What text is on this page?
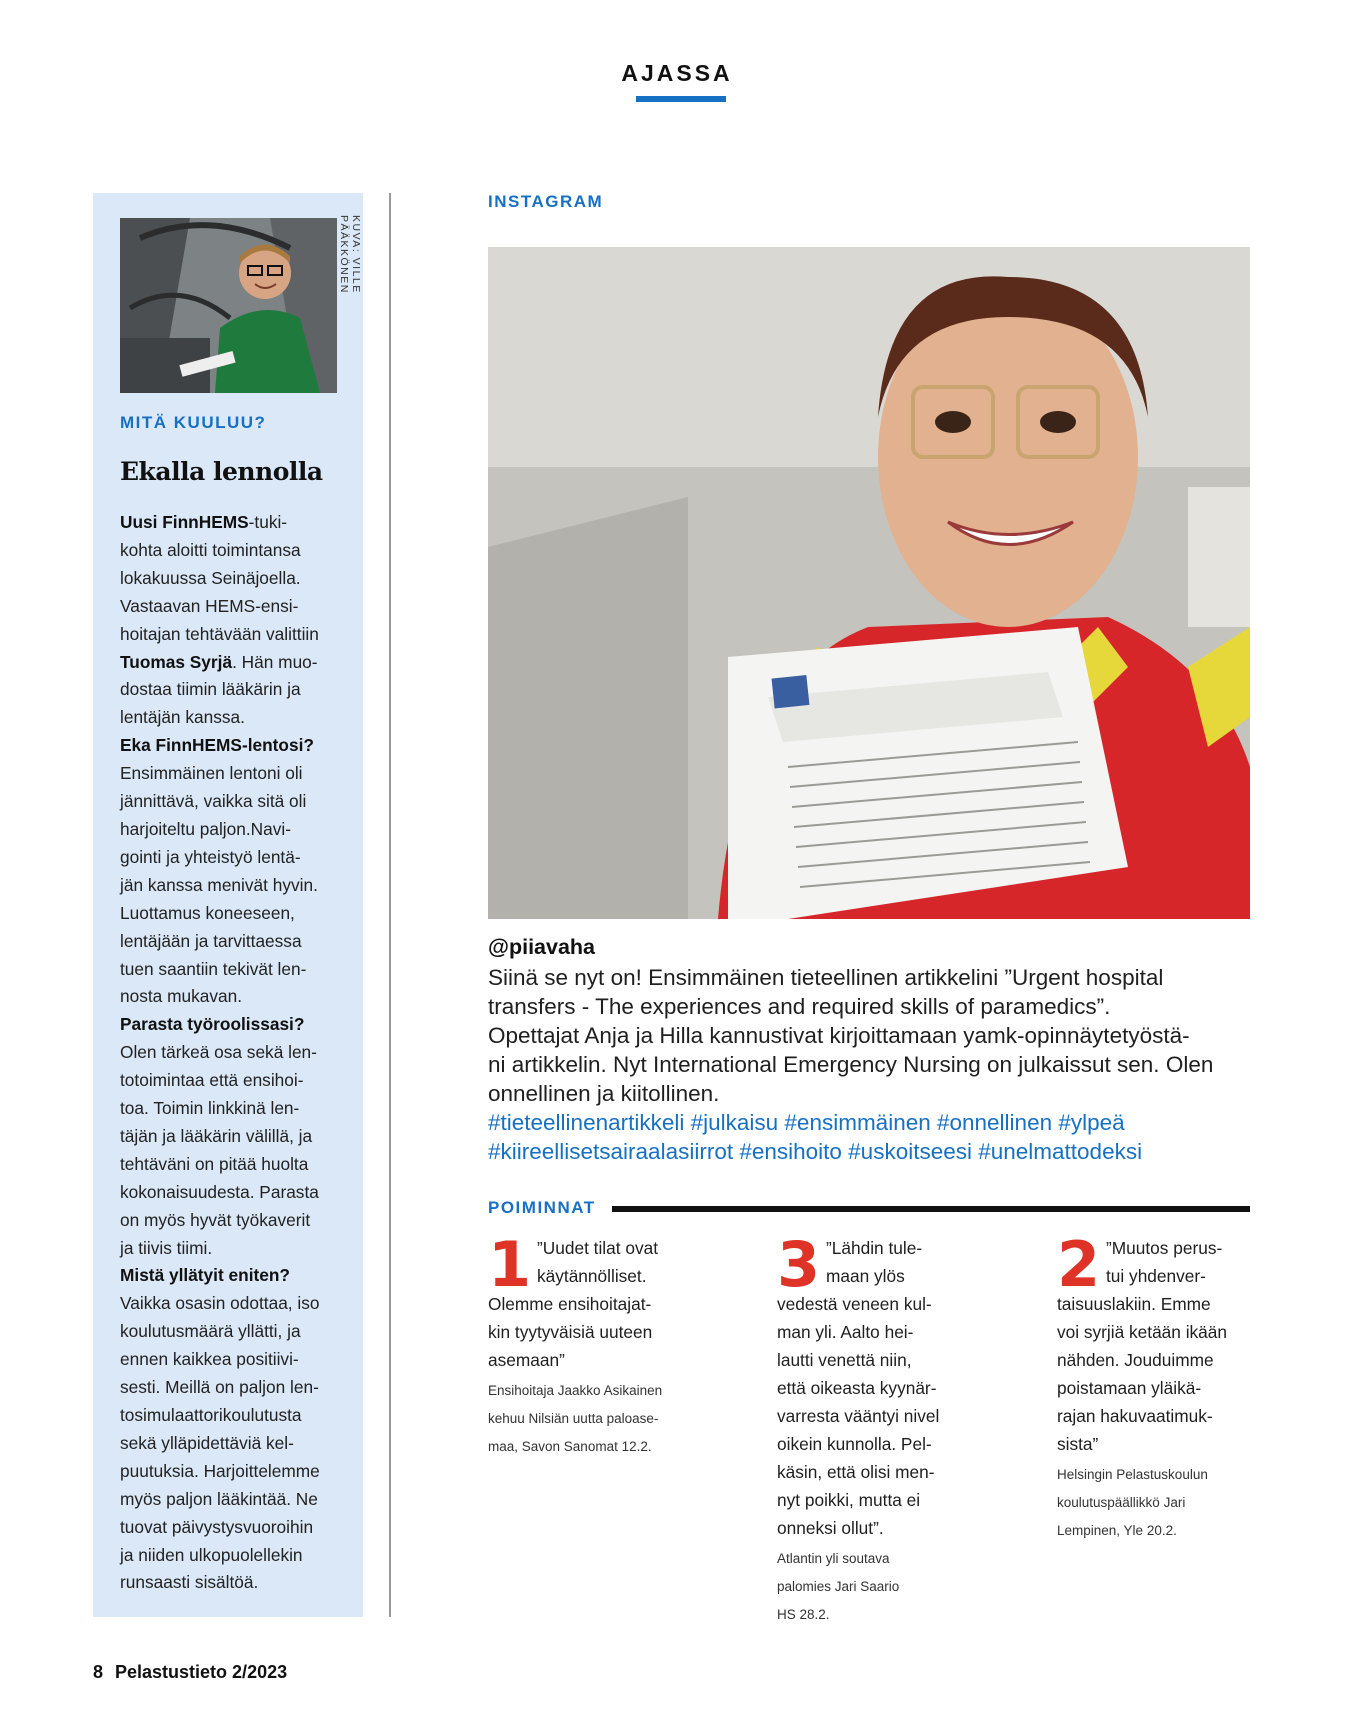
AJASSA
MITÄ KUULUU?
Ekalla lennolla
Uusi FinnHEMS-tuki-
kohta aloitti toimintansa
lokakuussa Seinäjoella.
Vastaavan HEMS-ensi-
hoitajan tehtävään valittiin
Tuomas Syrjä. Hän muo-
dostaa tiimin lääkärin ja
lentäjän kanssa.
Eka FinnHEMS-lentosi?
Ensimmäinen lentoni oli
jännittävä, vaikka sitä oli
harjoiteltu paljon.Navi-
gointi ja yhteistyö lentä-
jän kanssa menivät hyvin.
Luottamus koneeseen,
lentäjään ja tarvittaessa
tuen saantiin tekivät len-
nosta mukavan.
Parasta työroolissasi?
Olen tärkeä osa sekä len-
totoimintaa että ensihoi-
toa. Toimin linkkinä len-
täjän ja lääkärin välillä, ja
tehtäväni on pitää huolta
kokonaisuudesta. Parasta
on myös hyvät työkaverit
ja tiivis tiimi.
Mistä yllätyit eniten?
Vaikka osasin odottaa, iso
koulutusmäärä yllätti, ja
ennen kaikkea positiivi-
sesti. Meillä on paljon len-
tosimulaattorikoulutusta
sekä ylläpidettäviä kel-
puutuksia. Harjoittelemme
myös paljon lääkintää. Ne
tuovat päivystysvuoroihin
ja niiden ulkopuolellekin
runsaasti sisältöä.
KUVA: VILLE PÄÄKKÖNEN
INSTAGRAM
@piiavaha
Siinä se nyt on! Ensimmäinen tieteellinen artikkelini ”Urgent hospital
transfers - The experiences and required skills of paramedics”.
Opettajat Anja ja Hilla kannustivat kirjoittamaan yamk-opinnäytetyöstä-
ni artikkelin. Nyt International Emergency Nursing on julkaissut sen. Olen
onnellinen ja kiitollinen.
#tieteellinenartikkeli #julkaisu #ensimmäinen #onnellinen #ylpeä
#kiireellisetsairaalasiirrot #ensihoito #uskoitseesi #unelmattodeksi
POIMINNAT
1 ”Uudet tilat ovat
käytännölliset.
Olemme ensihoitajat-
kin tyytyväisiä uuteen
asemaan”
Ensihoitaja Jaakko Asikainen
kehuu Nilsiän uutta paloase-
maa, Savon Sanomat 12.2.
3 ”Lähdin tule-
maan ylös
vedestä veneen kul-
man yli. Aalto hei-
lautti venettä niin,
että oikeasta kyynär-
varresta vääntyi nivel
oikein kunnolla. Pel-
käsin, että olisi men-
nyt poikki, mutta ei
onneksi ollut”.
Atlantin yli soutava
palomies Jari Saario
HS 28.2.
2 ”Muutos perus-
tui yhdenver-
taisuuslakiin. Emme
voi syrjiä ketään ikään
nähden. Jouduimme
poistamaan yläikä-
rajan hakuvaatimuk-
sista”
Helsingin Pelastuskoulun
koulutuspäällikkö Jari
Lempinen, Yle 20.2.
8 Pelastustieto 2/2023
